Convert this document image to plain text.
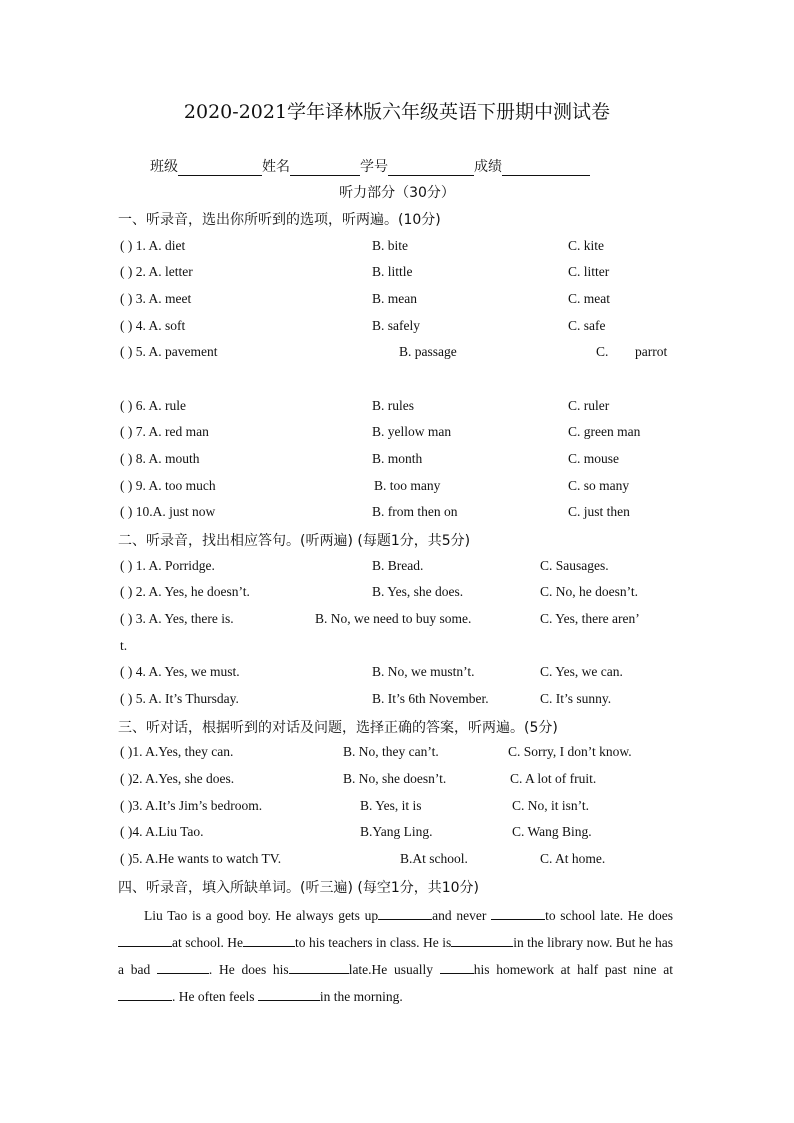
2020-2021学年译林版六年级英语下册期中测试卷
班级	姓名	学号	成绩
听力部分（30分）
一、听录音，选出你所听到的选项，听两遍。(10分)
( ) 1. A. diet	B. bite	C. kite
( ) 2. A. letter	B. little	C. litter
( ) 3. A. meet	B. mean	C. meat
( ) 4. A. soft	B. safely	C. safe
( ) 5. A. pavement	B. passage	C. parrot
( ) 6. A. rule	B. rules	C. ruler
( ) 7. A. red man	B. yellow man	C. green man
( ) 8. A. mouth	B. month	C. mouse
( ) 9. A. too much	B. too many	C. so many
( ) 10.A. just now	B. from then on	C. just then
二、听录音，找出相应答句。(听两遍) (每题1分，共5分)
( ) 1. A. Porridge.	B. Bread.	C. Sausages.
( ) 2. A. Yes, he doesn’t.	B. Yes, she does.	C. No, he doesn’t.
( ) 3. A. Yes, there is.	B. No, we need to buy some.	C. Yes, there aren’
t.
( ) 4. A. Yes, we must.	B. No, we mustn’t.	C. Yes, we can.
( ) 5. A. It’s Thursday.	B. It’s 6th November.	C. It’s sunny.
三、听对话，根据听到的对话及问题，选择正确的答案，听两遍。(5分)
( )1. A.Yes, they can.	B. No, they can’t.	C. Sorry, I don’t know.
( )2. A.Yes, she does.	B. No, she doesn’t.	C. A lot of fruit.
( )3. A.It’s Jim’s bedroom.	B. Yes, it is	C. No, it isn’t.
( )4. A.Liu Tao.	B.Yang Ling.	C. Wang Bing.
( )5. A.He wants to watch TV.	B.At school.	C. At home.
四、听录音，填入所缺单词。(听三遍) (每空1分，共10分)

Liu Tao is a good boy. He always gets up	and never	to school late. He doesat school. He	to his teachers in class. He is	in the library now. But he has a bad	. He does his	late.He usually	his homework at half past nine at. He often feels	in the morning.
